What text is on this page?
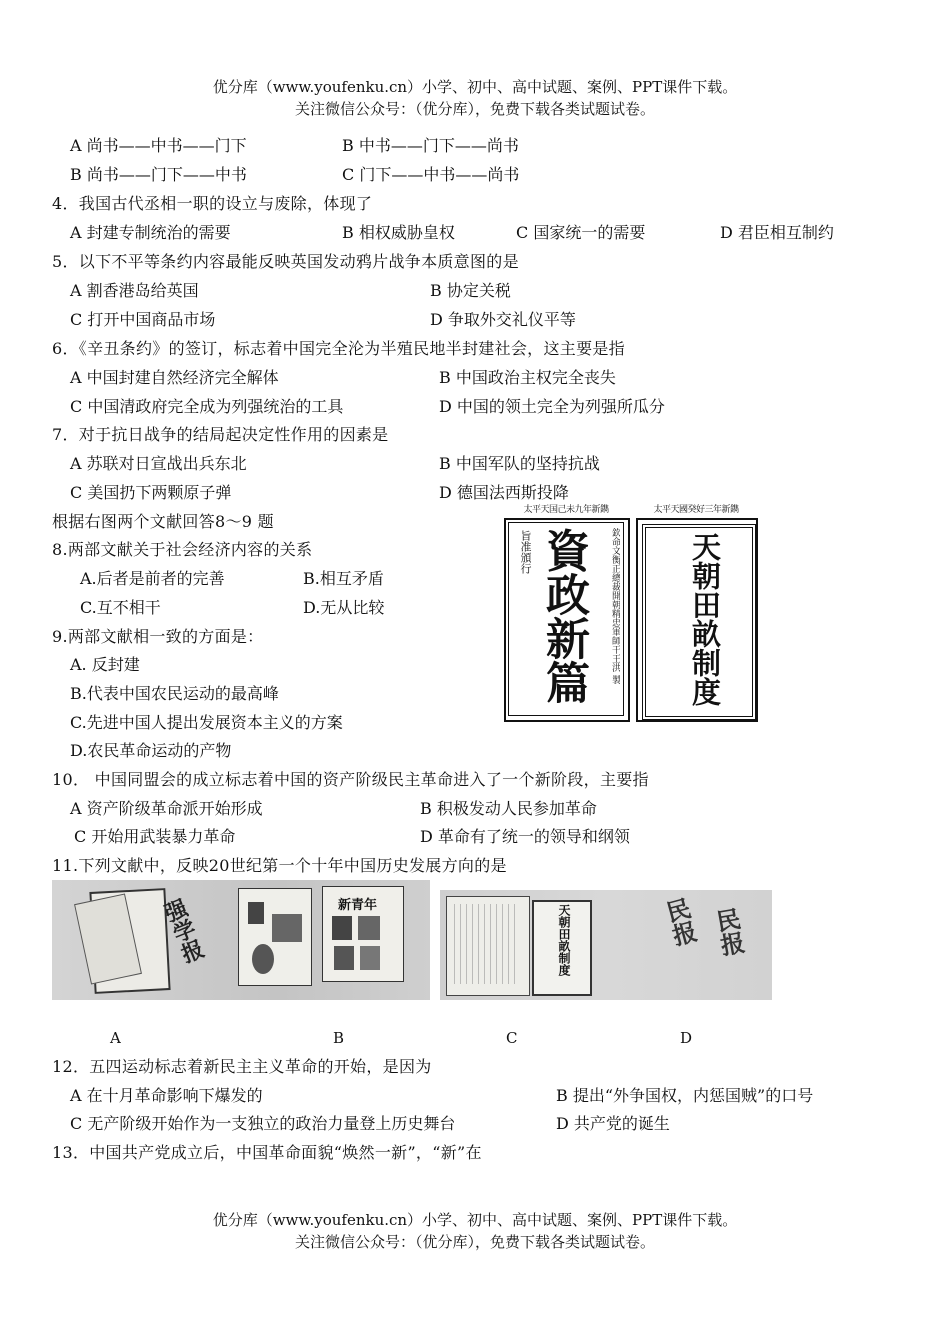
优分库（www.youfenku.cn）小学、初中、高中试题、案例、PPT课件下载。
关注微信公众号：（优分库），免费下载各类试题试卷。
A 尚书——中书——门下	B 中书——门下——尚书
B 尚书——门下——中书	C 门下——中书——尚书
4．我国古代丞相一职的设立与废除，体现了
A 封建专制统治的需要	B 相权威胁皇权	C 国家统一的需要	D 君臣相互制约
5．以下不平等条约内容最能反映英国发动鸦片战争本质意图的是
A 割香港岛给英国	B 协定关税
C 打开中国商品市场	D 争取外交礼仪平等
6．《辛丑条约》的签订，标志着中国完全沦为半殖民地半封建社会，这主要是指
A 中国封建自然经济完全解体	B 中国政治主权完全丧失
C 中国清政府完全成为列强统治的工具	D 中国的领土完全为列强所瓜分
7．对于抗日战争的结局起决定性作用的因素是
A 苏联对日宣战出兵东北	B 中国军队的坚持抗战
C 美国扔下两颗原子弹	D 德国法西斯投降
根据右图两个文献回答8～9 题
8.两部文献关于社会经济内容的关系
A.后者是前者的完善	B.相互矛盾
C.互不相干	D.无从比较
9.两部文献相一致的方面是：
A. 反封建
B.代表中国农民运动的最高峰
C.先进中国人提出发展资本主义的方案
D.农民革命运动的产物
太平天国己未九年新鐫
資政新篇
旨准頒行	欽命文衡正總裁開朝精忠軍師干王洪 製
太平天國癸好三年新鐫
天朝田畝制度
10． 中国同盟会的成立标志着中国的资产阶级民主革命进入了一个新阶段，主要指
A 资产阶级革命派开始形成	B 积极发动人民参加革命
C 开始用武装暴力革命	D 革命有了统一的领导和纲领
11.下列文献中，反映20世纪第一个十年中国历史发展方向的是
强学报	新青年	天朝田畝制度	民报 民报
A	B	C	D
12．五四运动标志着新民主主义革命的开始，是因为
A 在十月革命影响下爆发的	B 提出“外争国权，内惩国贼”的口号
C 无产阶级开始作为一支独立的政治力量登上历史舞台	D 共产党的诞生
13．中国共产党成立后，中国革命面貌“焕然一新”，“新”在
优分库（www.youfenku.cn）小学、初中、高中试题、案例、PPT课件下载。
关注微信公众号：（优分库），免费下载各类试题试卷。
